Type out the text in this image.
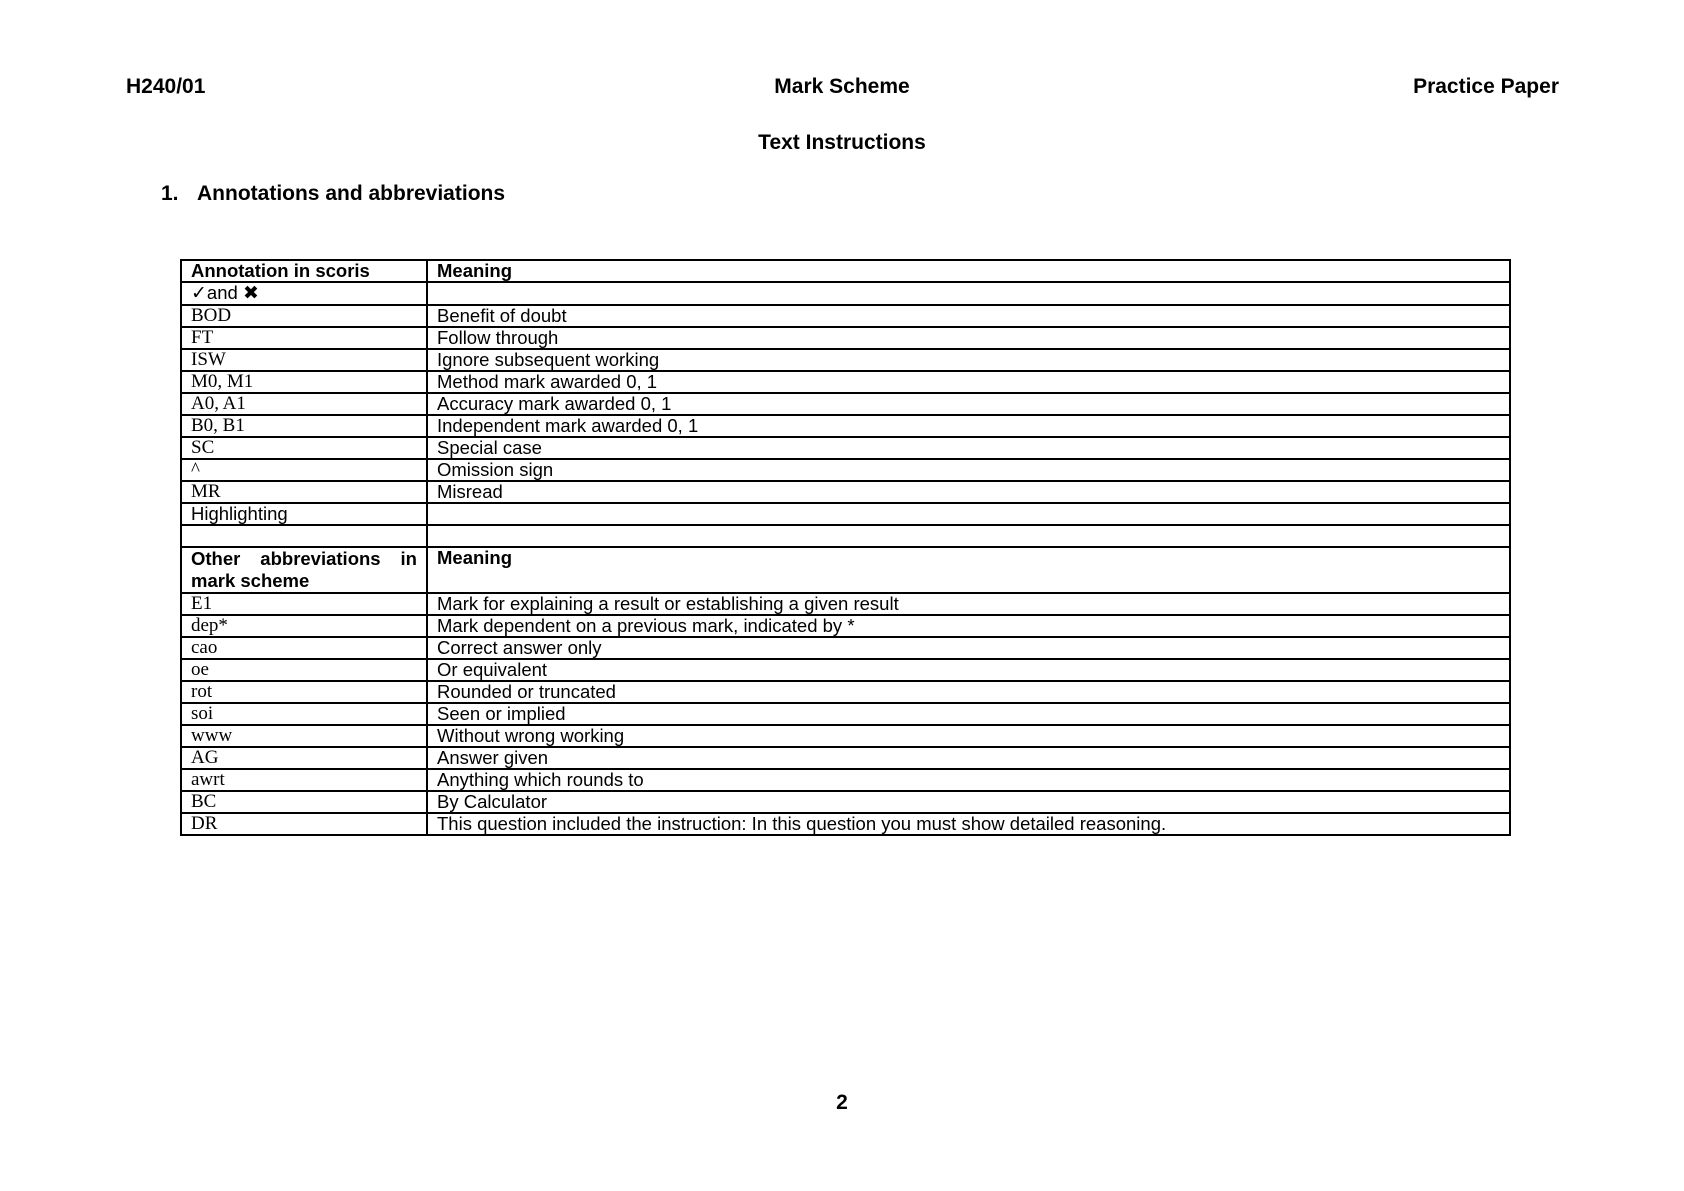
H240/01	Mark Scheme	Practice Paper
Text Instructions
1. Annotations and abbreviations
Annotation in scoris	Meaning
✓and ✖	
BOD	Benefit of doubt
FT	Follow through
ISW	Ignore subsequent working
M0, M1	Method mark awarded 0, 1
A0, A1	Accuracy mark awarded 0, 1
B0, B1	Independent mark awarded 0, 1
SC	Special case
^	Omission sign
MR	Misread
Highlighting	

Other abbreviations in mark scheme	Meaning
E1	Mark for explaining a result or establishing a given result
dep*	Mark dependent on a previous mark, indicated by *
cao	Correct answer only
oe	Or equivalent
rot	Rounded or truncated
soi	Seen or implied
www	Without wrong working
AG	Answer given
awrt	Anything which rounds to
BC	By Calculator
DR	This question included the instruction: In this question you must show detailed reasoning.
2
